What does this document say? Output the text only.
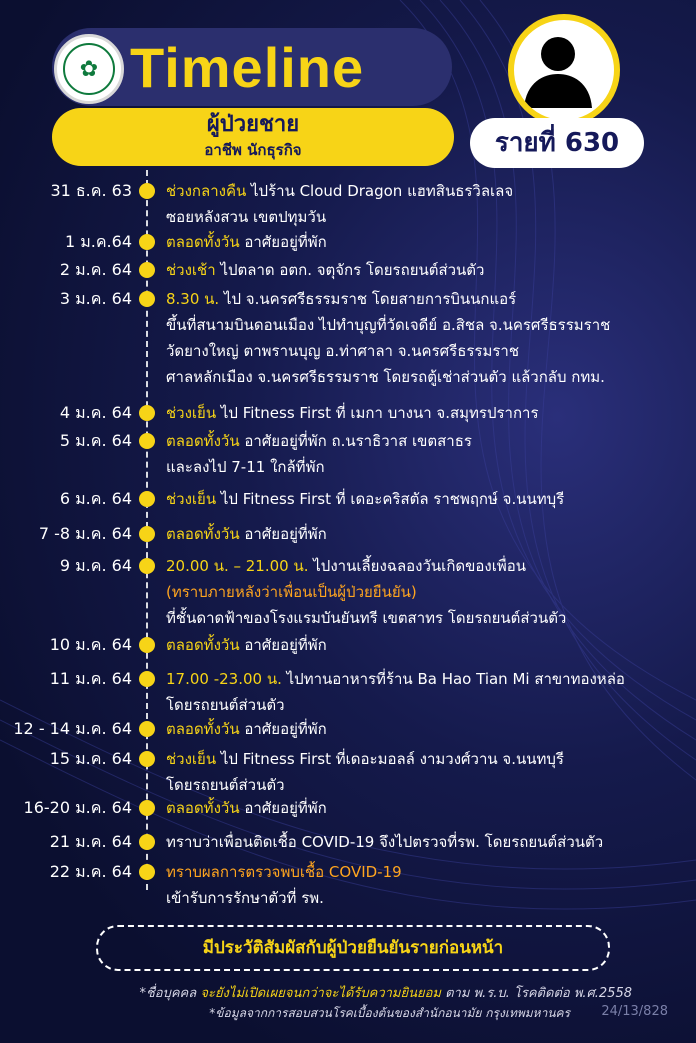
✿ Timeline
ผู้ป่วยชาย
อาชีพ นักธุรกิจ	รายที่ 630
31 ธ.ค. 63 ช่วงกลางคืน ไปร้าน Cloud Dragon แฮทสินธรวิลเลจ
ซอยหลังสวน เขตปทุมวัน
1 ม.ค.64 ตลอดทั้งวัน อาศัยอยู่ที่พัก
2 ม.ค. 64 ช่วงเช้า ไปตลาด อตก. จตุจักร โดยรถยนต์ส่วนตัว
3 ม.ค. 64 8.30 น. ไป จ.นครศรีธรรมราช โดยสายการบินนกแอร์
ขึ้นที่สนามบินดอนเมือง ไปทำบุญที่วัดเจดีย์ อ.สิชล จ.นครศรีธรรมราช
วัดยางใหญ่ ตาพรานบุญ อ.ท่าศาลา จ.นครศรีธรรมราช
ศาลหลักเมือง จ.นครศรีธรรมราช โดยรถตู้เช่าส่วนตัว แล้วกลับ กทม.
4 ม.ค. 64 ช่วงเย็น ไป Fitness First ที่ เมกา บางนา จ.สมุทรปราการ
5 ม.ค. 64 ตลอดทั้งวัน อาศัยอยู่ที่พัก ถ.นราธิวาส เขตสาธร
และลงไป 7-11 ใกล้ที่พัก
6 ม.ค. 64 ช่วงเย็น ไป Fitness First ที่ เดอะคริสตัล ราชพฤกษ์ จ.นนทบุรี
7 -8 ม.ค. 64 ตลอดทั้งวัน อาศัยอยู่ที่พัก
9 ม.ค. 64 20.00 น. – 21.00 น. ไปงานเลี้ยงฉลองวันเกิดของเพื่อน
(ทราบภายหลังว่าเพื่อนเป็นผู้ป่วยยืนยัน)
ที่ชั้นดาดฟ้าของโรงแรมบันยันทรี เขตสาทร โดยรถยนต์ส่วนตัว
10 ม.ค. 64 ตลอดทั้งวัน อาศัยอยู่ที่พัก
11 ม.ค. 64 17.00 -23.00 น. ไปทานอาหารที่ร้าน Ba Hao Tian Mi สาขาทองหล่อ
โดยรถยนต์ส่วนตัว
12 - 14 ม.ค. 64 ตลอดทั้งวัน อาศัยอยู่ที่พัก
15 ม.ค. 64 ช่วงเย็น ไป Fitness First ที่เดอะมอลล์ งามวงศ์วาน จ.นนทบุรี
โดยรถยนต์ส่วนตัว
16-20 ม.ค. 64 ตลอดทั้งวัน อาศัยอยู่ที่พัก
21 ม.ค. 64 ทราบว่าเพื่อนติดเชื้อ COVID-19 จึงไปตรวจที่รพ. โดยรถยนต์ส่วนตัว
22 ม.ค. 64 ทราบผลการตรวจพบเชื้อ COVID-19
เข้ารับการรักษาตัวที่ รพ.
มีประวัติสัมผัสกับผู้ป่วยยืนยันรายก่อนหน้า
*ชื่อบุคคล จะยังไม่เปิดเผยจนกว่าจะได้รับความยินยอม ตาม พ.ร.บ. โรคติดต่อ พ.ศ.2558
*ข้อมูลจากการสอบสวนโรคเบื้องต้นของสำนักอนามัย กรุงเทพมหานคร 24/13/828
